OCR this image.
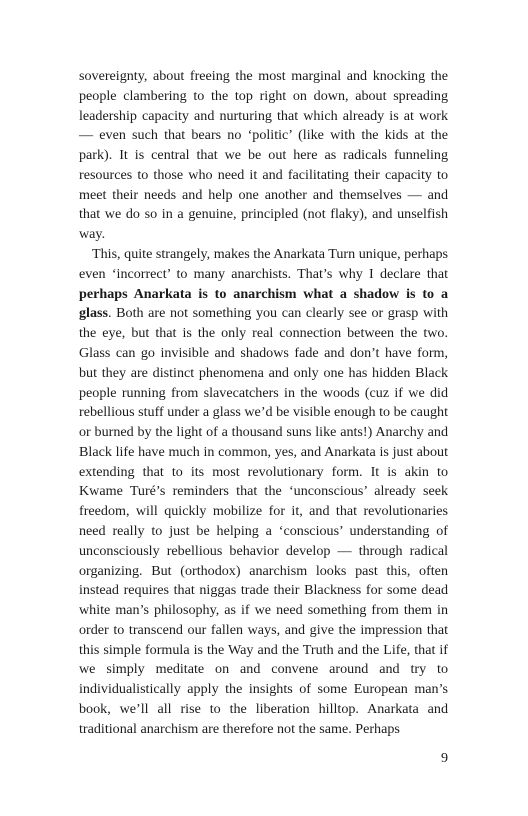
sovereignty, about freeing the most marginal and knocking the people clambering to the top right on down, about spreading leadership capacity and nurturing that which already is at work — even such that bears no ‘politic’ (like with the kids at the park). It is central that we be out here as radicals funneling resources to those who need it and facilitating their capacity to meet their needs and help one another and themselves — and that we do so in a genuine, principled (not flaky), and unselfish way.

This, quite strangely, makes the Anarkata Turn unique, perhaps even ‘incorrect’ to many anarchists. That’s why I declare that perhaps Anarkata is to anarchism what a shadow is to a glass. Both are not something you can clearly see or grasp with the eye, but that is the only real connection between the two. Glass can go invisible and shadows fade and don’t have form, but they are distinct phenomena and only one has hidden Black people running from slavecatchers in the woods (cuz if we did rebellious stuff under a glass we’d be visible enough to be caught or burned by the light of a thousand suns like ants!) Anarchy and Black life have much in common, yes, and Anarkata is just about extending that to its most revolutionary form. It is akin to Kwame Turé’s reminders that the ‘unconscious’ already seek freedom, will quickly mobilize for it, and that revolutionaries need really to just be helping a ‘conscious’ understanding of unconsciously rebellious behavior develop — through radical organizing. But (orthodox) anarchism looks past this, often instead requires that niggas trade their Blackness for some dead white man’s philosophy, as if we need something from them in order to transcend our fallen ways, and give the impression that this simple formula is the Way and the Truth and the Life, that if we simply meditate on and convene around and try to individualistically apply the insights of some European man’s book, we’ll all rise to the liberation hilltop. Anarkata and traditional anarchism are therefore not the same. Perhaps

9
